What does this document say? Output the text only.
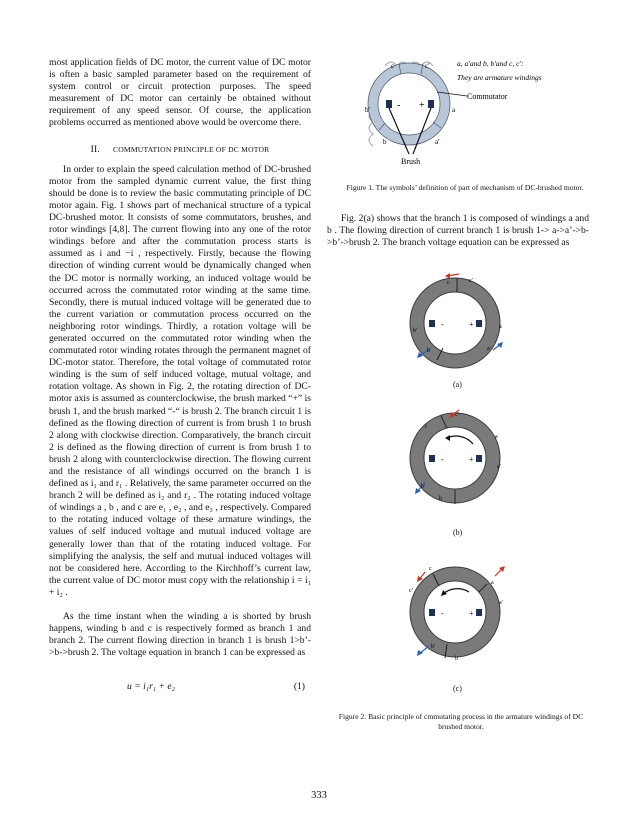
most application fields of DC motor, the current value of DC motor is often a basic sampled parameter based on the requirement of system control or circuit protection purposes. The speed measurement of DC motor can certainly be obtained without requirement of any speed sensor. Of course, the application problems occurred as mentioned above would be overcome there.

II. COMMUTATION PRINCIPLE OF DC MOTOR

In order to explain the speed calculation method of DC-brushed motor from the sampled dynamic current value, the first thing should be done is to review the basic commutating principle of DC motor again. Fig. 1 shows part of mechanical structure of a typical DC-brushed motor. It consists of some commutators, brushes, and rotor windings [4,8]. The current flowing into any one of the rotor windings before and after the commutation process starts is assumed as i and −i , respectively. Firstly, because the flowing direction of winding current would be dynamically changed when the DC motor is normally working, an induced voltage would be occurred across the commutated rotor winding at the same time. Secondly, there is mutual induced voltage will be generated due to the current variation or commutation process occurred on the neighboring rotor windings. Thirdly, a rotation voltage will be generated occurred on the commutated rotor winding when the commutated rotor winding rotates through the permanent magnet of DC-motor stator. Therefore, the total voltage of commutated rotor winding is the sum of self induced voltage, mutual voltage, and rotation voltage. As shown in Fig. 2, the rotating direction of DC-motor axis is assumed as counterclockwise, the brush marked “+” is brush 1, and the brush marked “-“ is brush 2. The branch circuit 1 is defined as the flowing direction of current is from brush 1 to brush 2 along with clockwise direction. Comparatively, the branch circuit 2 is defined as the flowing direction of current is from brush 1 to brush 2 along with counterclockwise direction. The flowing current and the resistance of all windings occurred on the branch 1 is defined as i₁ and r₁ . Relatively, the same parameter occurred on the branch 2 will be defined as i₂ and r₂ . The rotating induced voltage of windings a , b , and c are e₁ , e₂ , and e₃ , respectively. Compared to the rotating induced voltage of these armature windings, the values of self induced voltage and mutual induced voltage are generally lower than that of the rotating induced voltage. For simplifying the analysis, the self and mutual induced voltages will not be considered here. According to the Kirchhoff’s current law, the current value of DC motor must copy with the relationship i = i₁ + i₂ .

As the time instant when the winding a is shorted by brush happens, winding b and c is respectively formed as branch 1 and branch 2. The current flowing direction in branch 1 is brush 1>b’->b->brush 2. The voltage equation in branch 1 can be expressed as

u = i₁r₁ + e₂	(1)
- +
Brush
Commutator
c	c′
b′
b
a
a′
a, a′and b, b′and c, c′:
They are armature windings
Figure 1. The symbols’ definition of part of mechanism of DC-brushed motor.

Fig. 2(a) shows that the branch 1 is composed of windings a and b . The flowing direction of current branch 1 is brush 1-> a->a’->b->b’->brush 2. The branch voltage equation can be expressed as

-	+
c	c′
b′
b
a
a′
(a)
-	+
c
c′
b′
b
a
a′
(b)
-	+
c
c′
b′
b
a
a′
(c)
Figure 2. Basic principle of cmmutating process in the armature windings of DC brushed motor.
333
